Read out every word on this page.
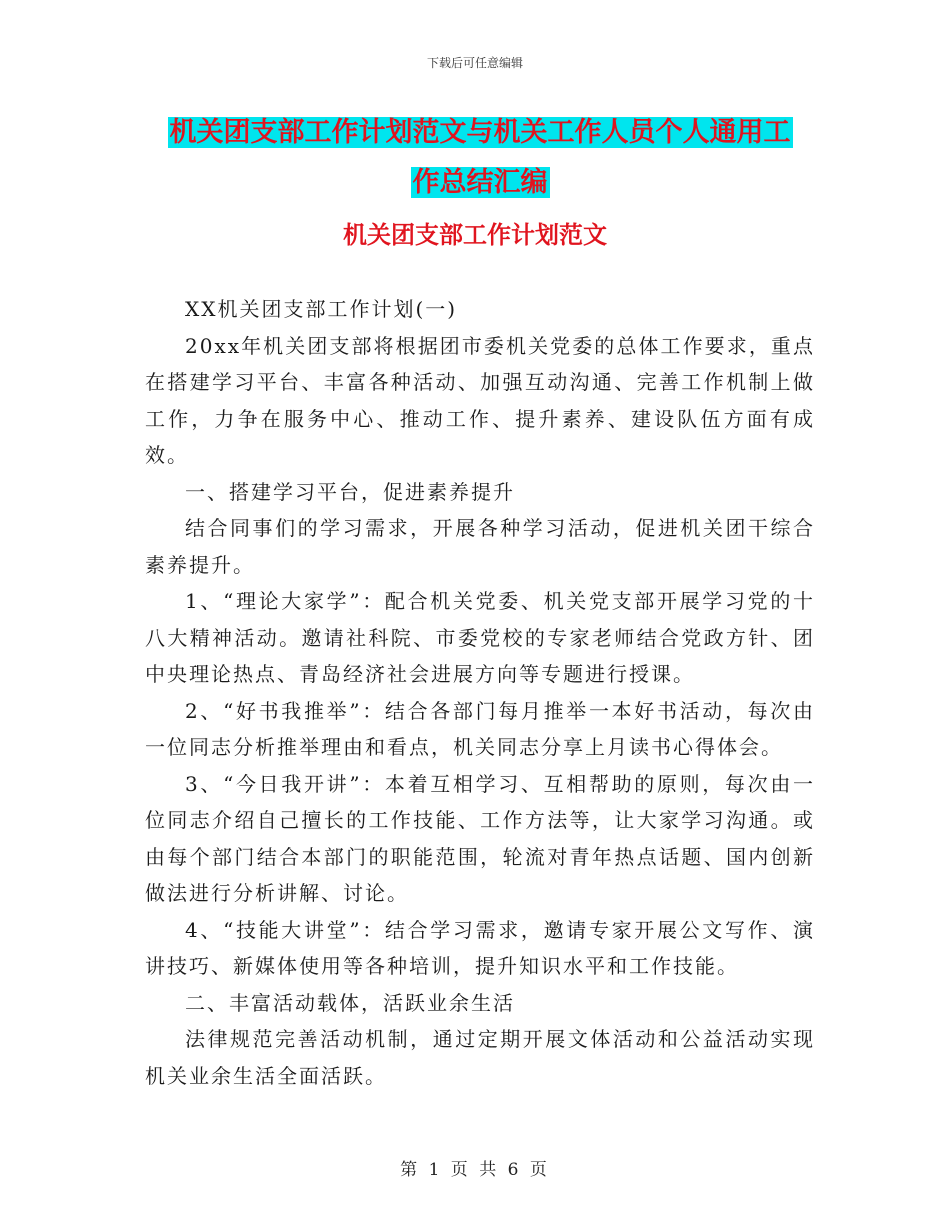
下载后可任意编辑
机关团支部工作计划范文与机关工作人员个人通用工
作总结汇编
机关团支部工作计划范文

XX机关团支部工作计划(一)

20xx年机关团支部将根据团市委机关党委的总体工作要求，重点在搭建学习平台、丰富各种活动、加强互动沟通、完善工作机制上做工作，力争在服务中心、推动工作、提升素养、建设队伍方面有成效。

一、搭建学习平台，促进素养提升

结合同事们的学习需求，开展各种学习活动，促进机关团干综合素养提升。

1、“理论大家学”：配合机关党委、机关党支部开展学习党的十八大精神活动。邀请社科院、市委党校的专家老师结合党政方针、团中央理论热点、青岛经济社会进展方向等专题进行授课。

2、“好书我推举”：结合各部门每月推举一本好书活动，每次由一位同志分析推举理由和看点，机关同志分享上月读书心得体会。

3、“今日我开讲”：本着互相学习、互相帮助的原则，每次由一位同志介绍自己擅长的工作技能、工作方法等，让大家学习沟通。或由每个部门结合本部门的职能范围，轮流对青年热点话题、国内创新做法进行分析讲解、讨论。

4、“技能大讲堂”：结合学习需求，邀请专家开展公文写作、演讲技巧、新媒体使用等各种培训，提升知识水平和工作技能。

二、丰富活动载体，活跃业余生活

法律规范完善活动机制，通过定期开展文体活动和公益活动实现机关业余生活全面活跃。

第 1 页 共 6 页
